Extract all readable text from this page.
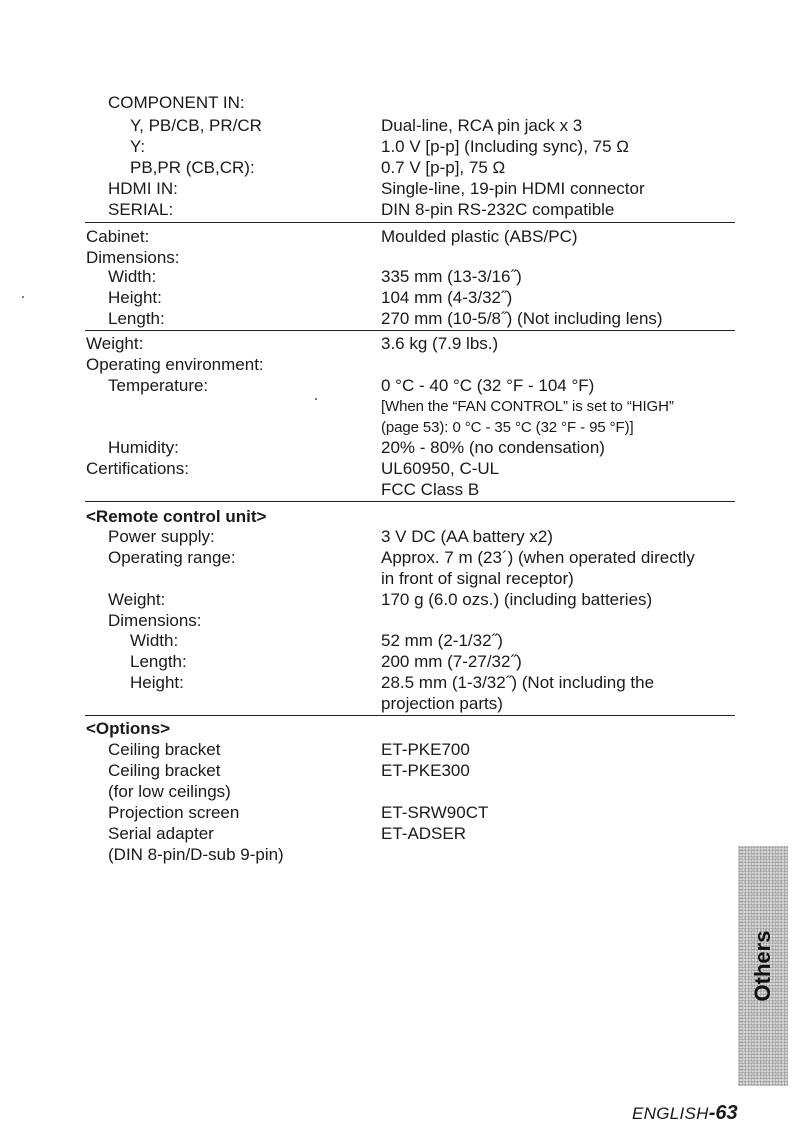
COMPONENT IN:
Y, PB/CB, PR/CR	Dual-line, RCA pin jack x 3
Y:	1.0 V [p-p] (Including sync), 75 Ω
PB,PR (CB,CR):	0.7 V [p-p], 75 Ω
HDMI IN:	Single-line, 19-pin HDMI connector
SERIAL:	DIN 8-pin RS-232C compatible
Cabinet:	Moulded plastic (ABS/PC)
Dimensions:
Width:	335 mm (13-3/16˝)
Height:	104 mm (4-3/32˝)
Length:	270 mm (10-5/8˝) (Not including lens)
Weight:	3.6 kg (7.9 lbs.)
Operating environment:
Temperature:	0 °C - 40 °C (32 °F - 104 °F)
[When the “FAN CONTROL” is set to “HIGH”
(page 53): 0 °C - 35 °C (32 °F - 95 °F)]
Humidity:	20% - 80% (no condensation)
Certifications:	UL60950, C-UL
FCC Class B
<Remote control unit>
Power supply:	3 V DC (AA battery x2)
Operating range:	Approx. 7 m (23´) (when operated directly
in front of signal receptor)
Weight:	170 g (6.0 ozs.) (including batteries)
Dimensions:
Width:	52 mm (2-1/32˝)
Length:	200 mm (7-27/32˝)
Height:	28.5 mm (1-3/32˝) (Not including the
projection parts)
<Options>
Ceiling bracket	ET-PKE700
Ceiling bracket	ET-PKE300
(for low ceilings)
Projection screen	ET-SRW90CT
Serial adapter	ET-ADSER
(DIN 8-pin/D-sub 9-pin)
Others
ENGLISH-63
